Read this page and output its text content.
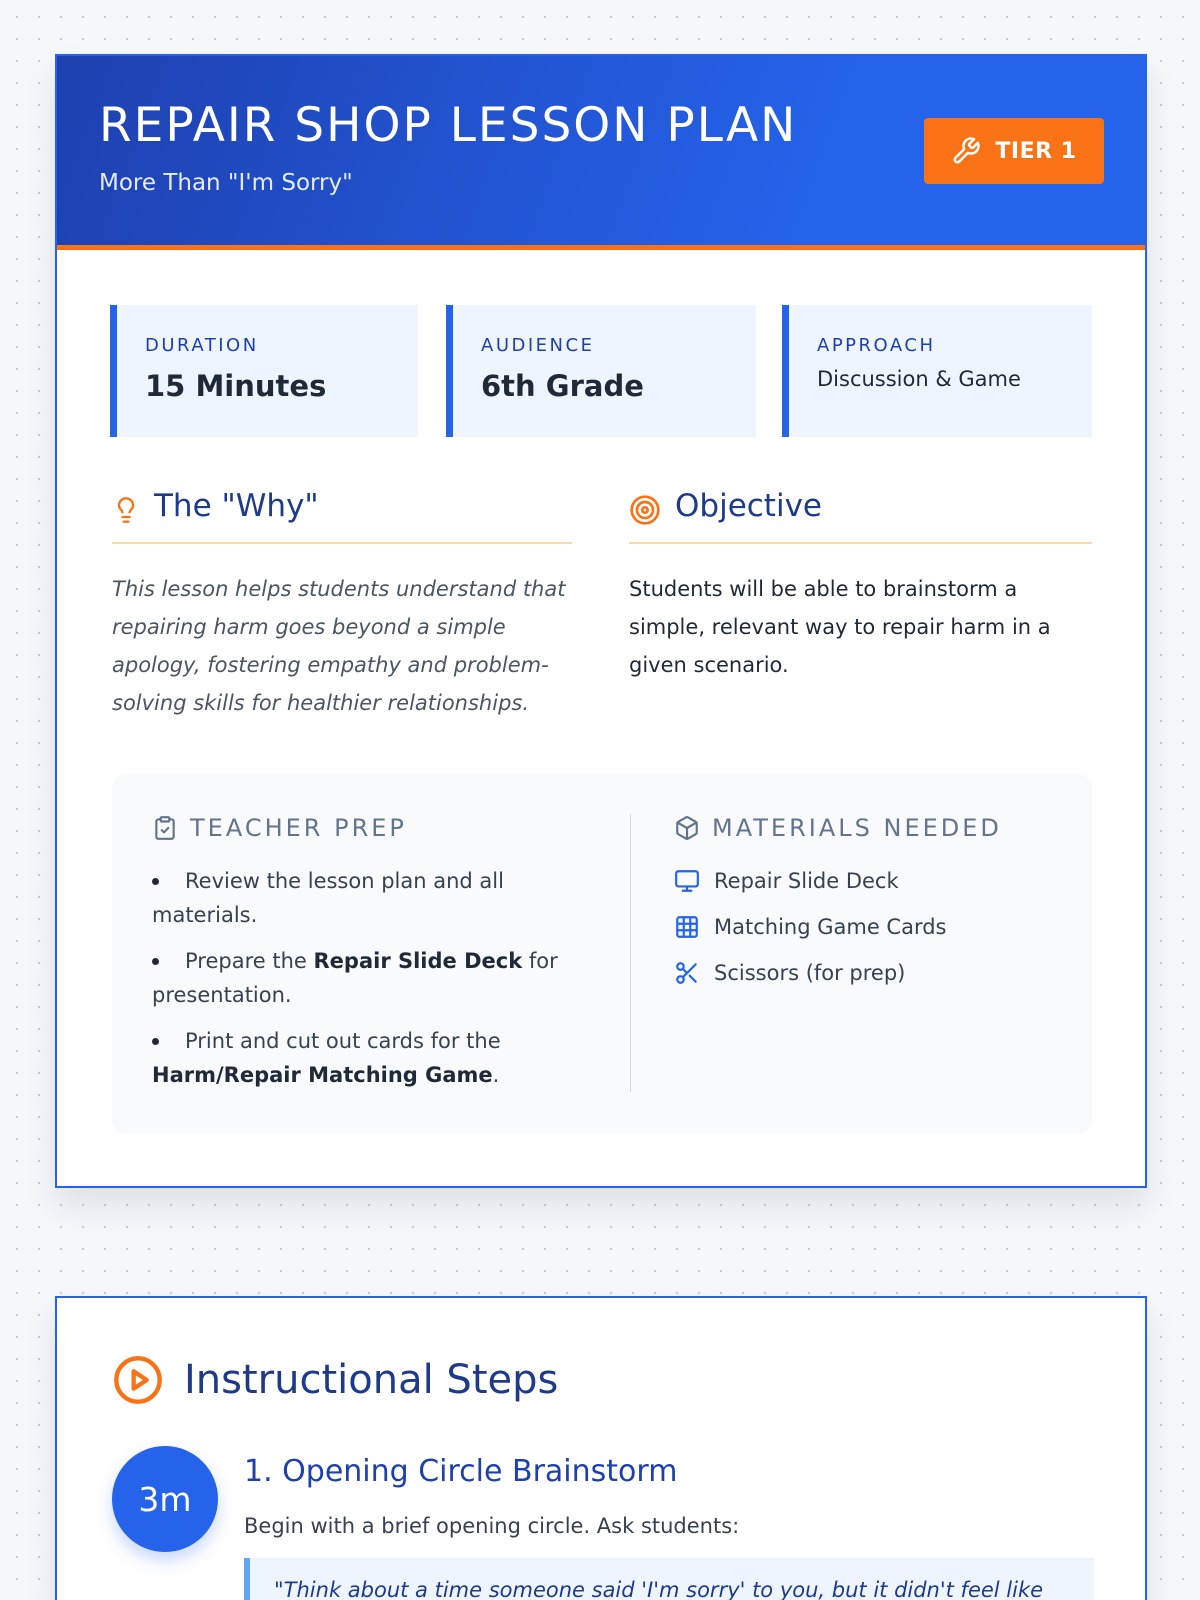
REPAIR SHOP LESSON PLAN
More Than "I'm Sorry"
TIER 1
DURATION
15 Minutes
AUDIENCE
6th Grade
APPROACH
Discussion & Game
The "Why"	Objective

This lesson helps students understand that repairing harm goes beyond a simple apology, fostering empathy and problem-solving skills for healthier relationships.

Students will be able to brainstorm a simple, relevant way to repair harm in a given scenario.

TEACHER PREP
Review the lesson plan and all materials.
Prepare the Repair Slide Deck for presentation.
Print and cut out cards for the Harm/Repair Matching Game.
MATERIALS NEEDED
Repair Slide Deck
Matching Game Cards
Scissors (for prep)
Instructional Steps
3m
1. Opening Circle Brainstorm
Begin with a brief opening circle. Ask students:
"Think about a time someone said 'I'm sorry' to you, but it didn't feel like
